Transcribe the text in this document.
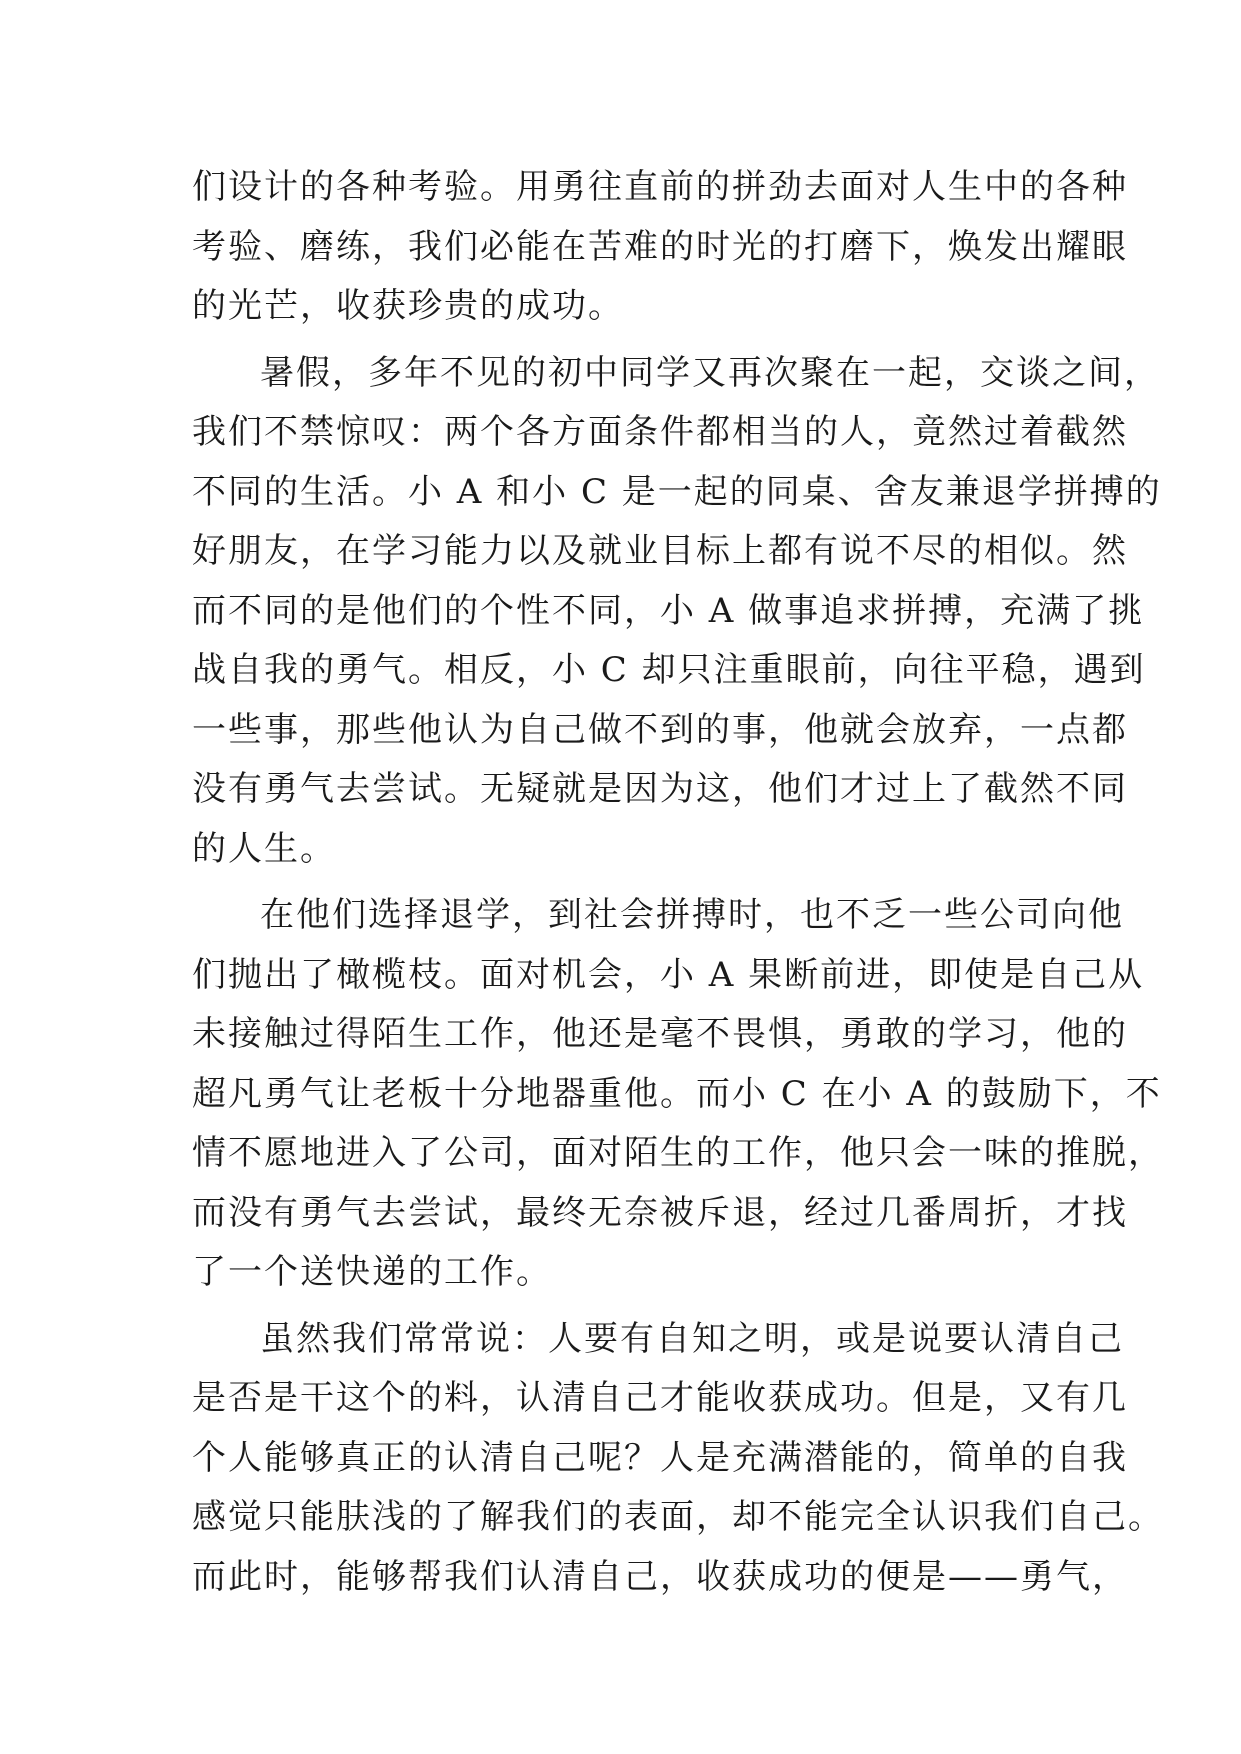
们设计的各种考验。用勇往直前的拼劲去面对人生中的各种
考验、磨练，我们必能在苦难的时光的打磨下，焕发出耀眼
的光芒，收获珍贵的成功。
暑假，多年不见的初中同学又再次聚在一起，交谈之间，
我们不禁惊叹：两个各方面条件都相当的人，竟然过着截然
不同的生活。小 A 和小 C 是一起的同桌、舍友兼退学拼搏的
好朋友，在学习能力以及就业目标上都有说不尽的相似。然
而不同的是他们的个性不同，小 A 做事追求拼搏，充满了挑
战自我的勇气。相反，小 C 却只注重眼前，向往平稳，遇到
一些事，那些他认为自己做不到的事，他就会放弃，一点都
没有勇气去尝试。无疑就是因为这，他们才过上了截然不同
的人生。
在他们选择退学，到社会拼搏时，也不乏一些公司向他
们抛出了橄榄枝。面对机会，小 A 果断前进，即使是自己从
未接触过得陌生工作，他还是毫不畏惧，勇敢的学习，他的
超凡勇气让老板十分地器重他。而小 C 在小 A 的鼓励下，不
情不愿地进入了公司，面对陌生的工作，他只会一味的推脱，
而没有勇气去尝试，最终无奈被斥退，经过几番周折，才找
了一个送快递的工作。
虽然我们常常说：人要有自知之明，或是说要认清自己
是否是干这个的料，认清自己才能收获成功。但是，又有几
个人能够真正的认清自己呢？人是充满潜能的，简单的自我
感觉只能肤浅的了解我们的表面，却不能完全认识我们自己。
而此时，能够帮我们认清自己，收获成功的便是——勇气，
